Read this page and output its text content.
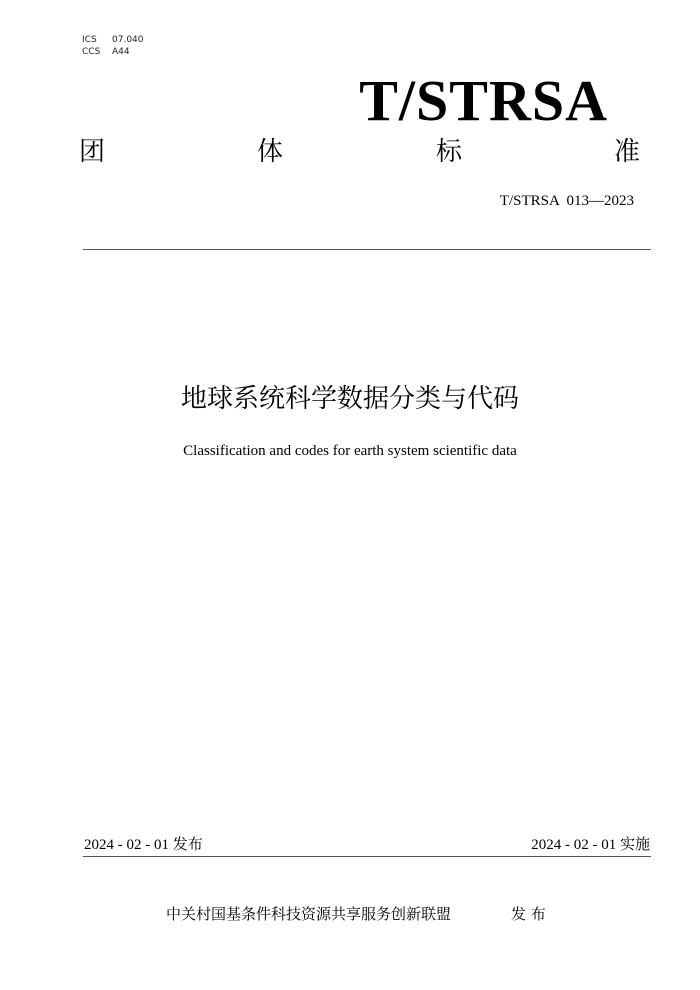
ICS 07.040
CCS A44
T/STRSA
团	体	标	准
T/STRSA  013—2023
地球系统科学数据分类与代码
Classification and codes for earth system scientific data
2024 - 02 - 01 发布	2024 - 02 - 01 实施
中关村国基条件科技资源共享服务创新联盟	发 布
